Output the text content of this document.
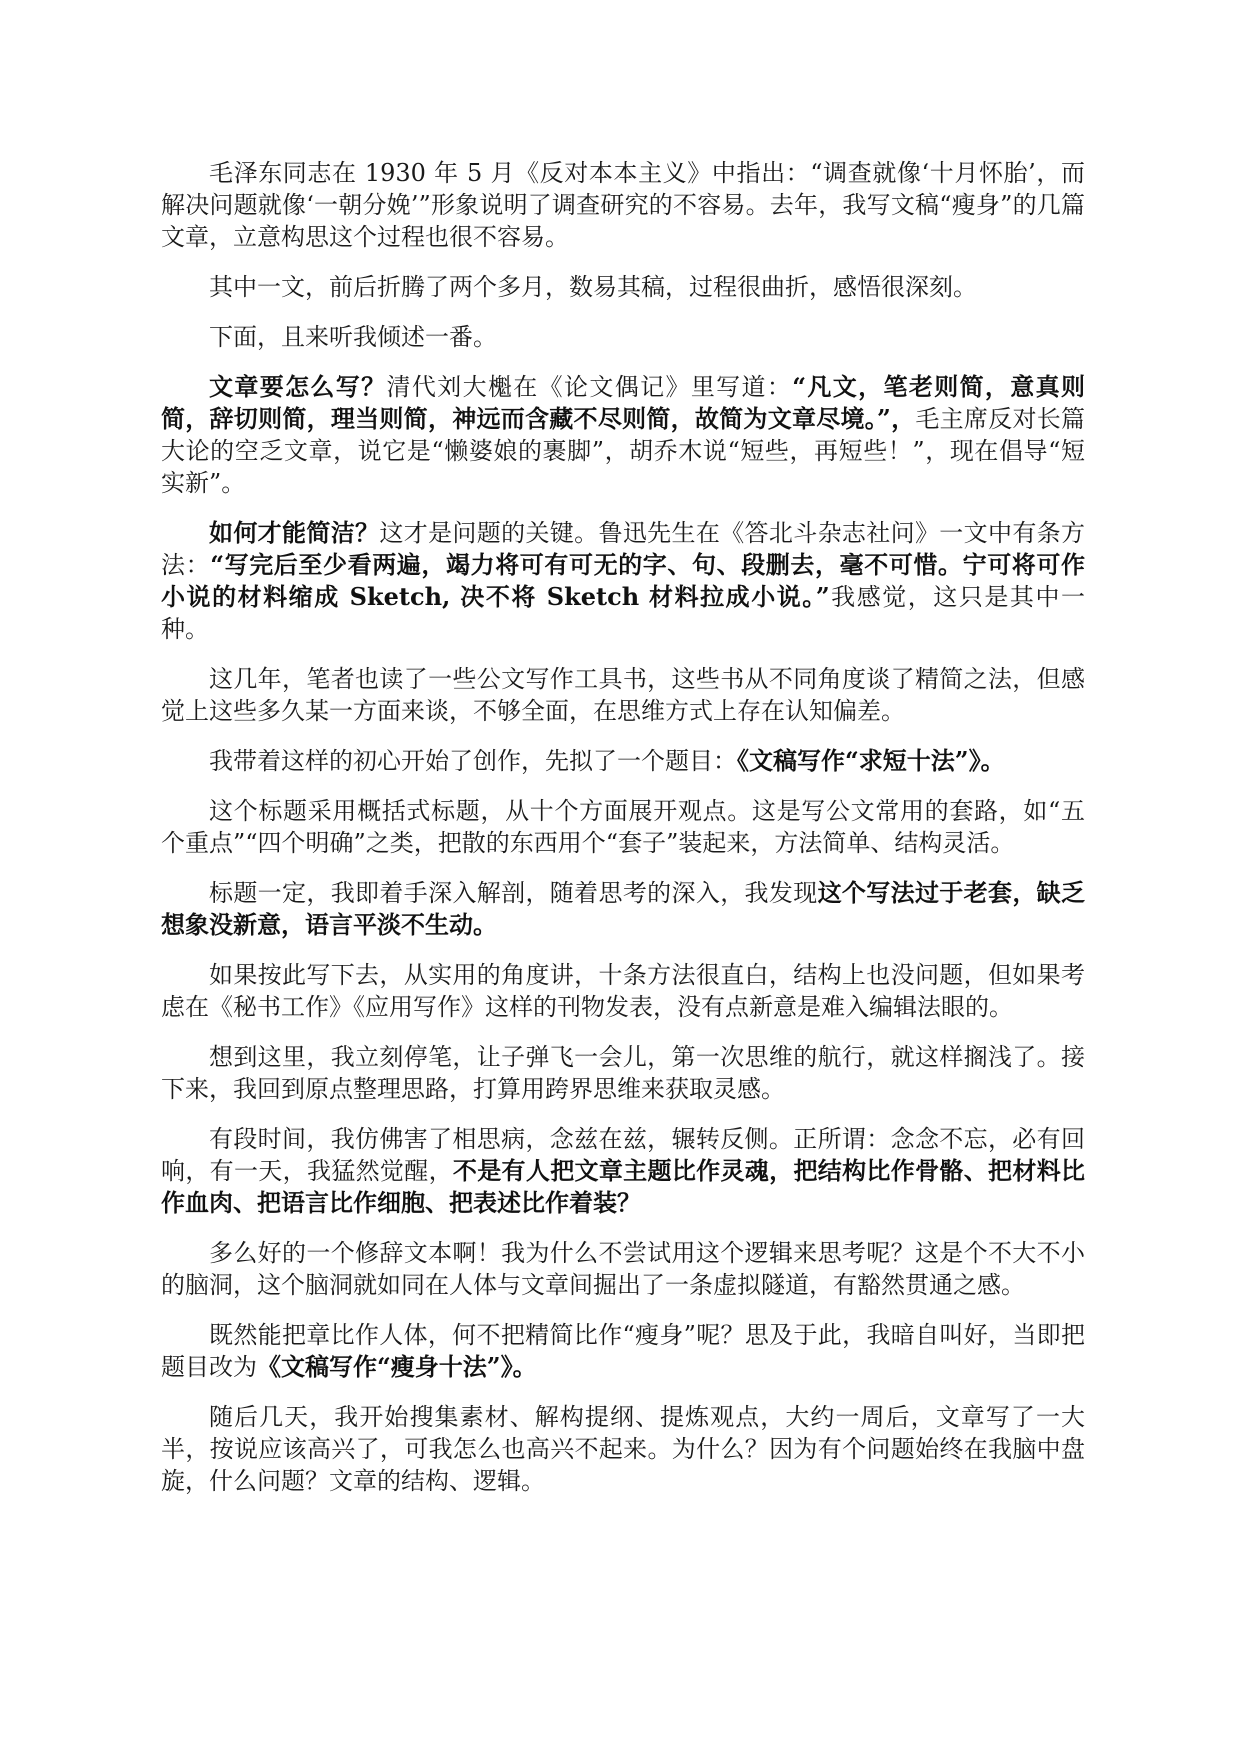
毛泽东同志在 1930 年 5 月《反对本本主义》中指出：“调查就像‘十月怀胎’，而解决问题就像‘一朝分娩’”形象说明了调查研究的不容易。去年，我写文稿“瘦身”的几篇文章，立意构思这个过程也很不容易。

其中一文，前后折腾了两个多月，数易其稿，过程很曲折，感悟很深刻。

下面，且来听我倾述一番。

文章要怎么写？清代刘大櫆在《论文偶记》里写道：“凡文，笔老则简，意真则简，辞切则简，理当则简，神远而含藏不尽则简，故简为文章尽境。”，毛主席反对长篇大论的空乏文章，说它是“懒婆娘的裹脚”，胡乔木说“短些，再短些！”，现在倡导“短实新”。

如何才能简洁？这才是问题的关键。鲁迅先生在《答北斗杂志社问》一文中有条方法：“写完后至少看两遍，竭力将可有可无的字、句、段删去，毫不可惜。宁可将可作小说的材料缩成 Sketch, 决不将 Sketch 材料拉成小说。”我感觉，这只是其中一种。

这几年，笔者也读了一些公文写作工具书，这些书从不同角度谈了精简之法，但感觉上这些多久某一方面来谈，不够全面，在思维方式上存在认知偏差。

我带着这样的初心开始了创作，先拟了一个题目：《文稿写作“求短十法”》。

这个标题采用概括式标题，从十个方面展开观点。这是写公文常用的套路，如“五个重点”“四个明确”之类，把散的东西用个“套子”装起来，方法简单、结构灵活。

标题一定，我即着手深入解剖，随着思考的深入，我发现这个写法过于老套，缺乏想象没新意，语言平淡不生动。

如果按此写下去，从实用的角度讲，十条方法很直白，结构上也没问题，但如果考虑在《秘书工作》《应用写作》这样的刊物发表，没有点新意是难入编辑法眼的。

想到这里，我立刻停笔，让子弹飞一会儿，第一次思维的航行，就这样搁浅了。接下来，我回到原点整理思路，打算用跨界思维来获取灵感。

有段时间，我仿佛害了相思病，念兹在兹，辗转反侧。正所谓：念念不忘，必有回响，有一天，我猛然觉醒，不是有人把文章主题比作灵魂，把结构比作骨骼、把材料比作血肉、把语言比作细胞、把表述比作着装？

多么好的一个修辞文本啊！我为什么不尝试用这个逻辑来思考呢？这是个不大不小的脑洞，这个脑洞就如同在人体与文章间掘出了一条虚拟隧道，有豁然贯通之感。

既然能把章比作人体，何不把精简比作“瘦身”呢？思及于此，我暗自叫好，当即把题目改为《文稿写作“瘦身十法”》。

随后几天，我开始搜集素材、解构提纲、提炼观点，大约一周后，文章写了一大半，按说应该高兴了，可我怎么也高兴不起来。为什么？因为有个问题始终在我脑中盘旋，什么问题？文章的结构、逻辑。
